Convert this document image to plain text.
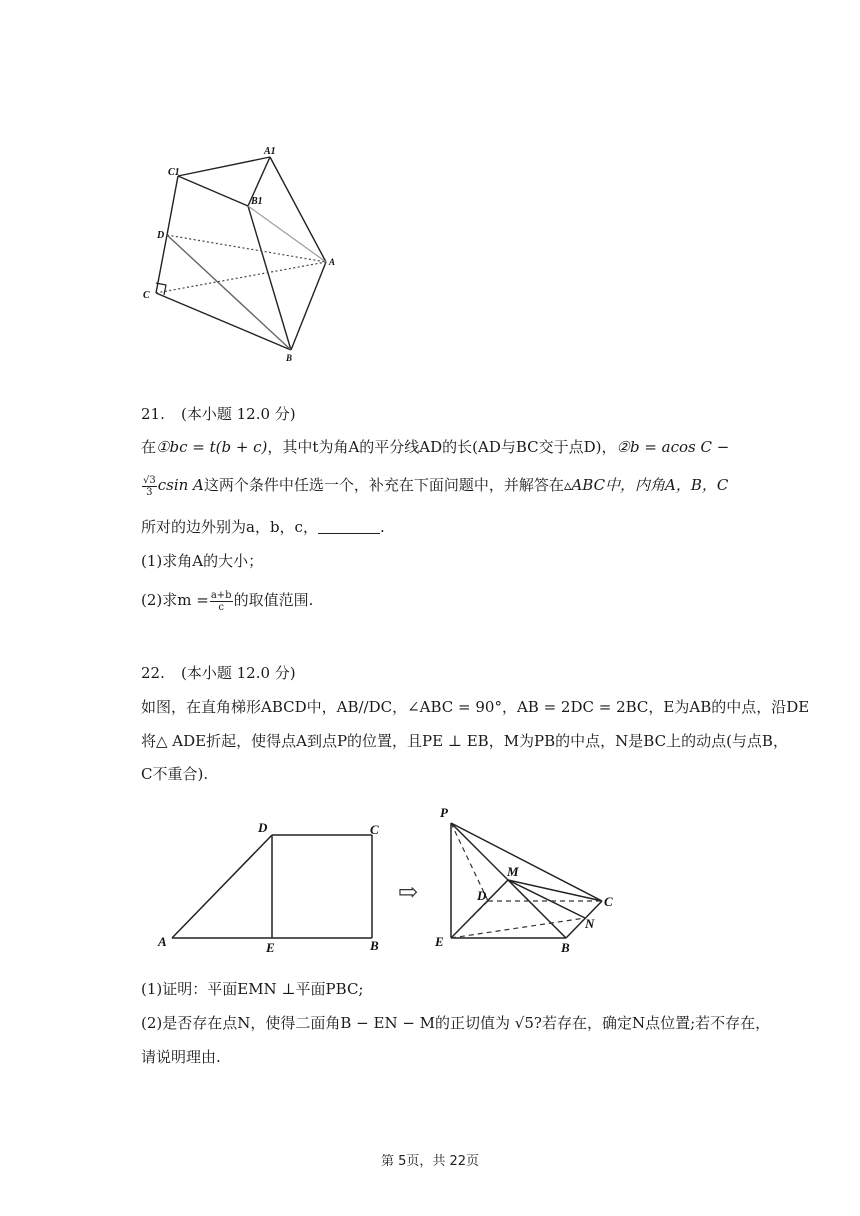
A1
C1
B1
D
A
C
B
21. (本小题 12.0 分)
在①bc = t(b + c)，其中t为角A的平分线AD的长(AD与BC交于点D)，②b = acos C −
$\frac{√3}{3}$ csin A这两个条件中任选一个，补充在下面问题中，并解答在▵ABC中，内角A，B，C
所对的边外别为a，b，c，	.
(1)求角A的大小；
(2)求$m = \frac{a+b}{c}$ 的取值范围.
22. (本小题 12.0 分)
如图，在直角梯形ABCD中，AB//DC，∠ABC = 90°，AB = 2DC = 2BC，E为AB的中点，沿DE
将△ ADE折起，使得点A到点P的位置，且PE ⊥ EB，M为PB的中点，N是BC上的动点(与点B，
C不重合).
D	C
A	E	B
⇨
P
M
D	C
N
E	B
(1)证明：平面EMN ⊥平面PBC;
(2)是否存在点N，使得二面角B − EN − M的正切值为 √5?若存在，确定N点位置;若不存在，
请说明理由.
第 5页，共 22页
